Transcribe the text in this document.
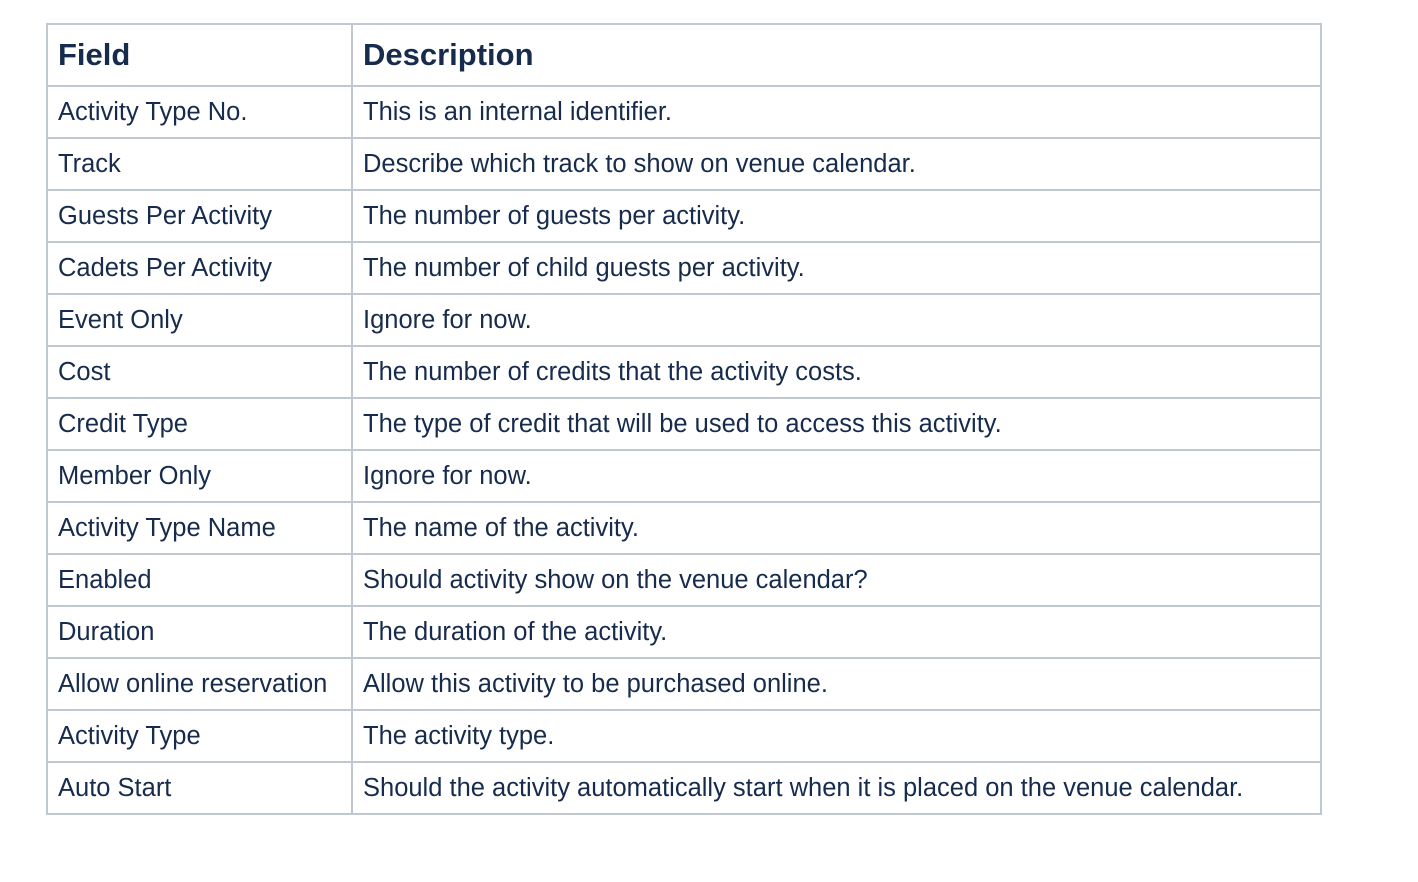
Field	Description
Activity Type No.	This is an internal identifier.
Track	Describe which track to show on venue calendar.
Guests Per Activity	The number of guests per activity.
Cadets Per Activity	The number of child guests per activity.
Event Only	Ignore for now.
Cost	The number of credits that the activity costs.
Credit Type	The type of credit that will be used to access this activity.
Member Only	Ignore for now.
Activity Type Name	The name of the activity.
Enabled	Should activity show on the venue calendar?
Duration	The duration of the activity.
Allow online reservation	Allow this activity to be purchased online.
Activity Type	The activity type.
Auto Start	Should the activity automatically start when it is placed on the venue calendar.
